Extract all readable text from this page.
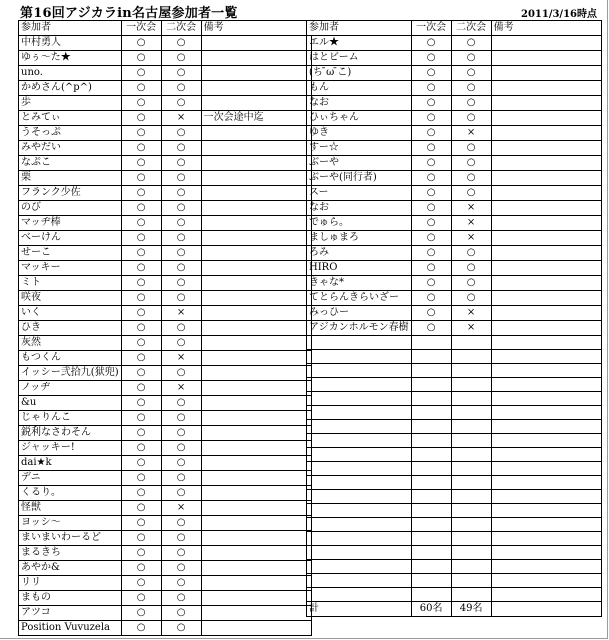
第16回アジカラin名古屋参加者一覧	2011/3/16時点
参加者	一次会	二次会	備考
中村勇人	○	○	
ゆぅ〜た★	○	○	
uno.	○	○	
かめさん(^p^)	○	○	
歩	○	○	
とみてぃ	○	×	一次会途中迄
うそっぷ	○	○	
みやだい	○	○	
なぷこ	○	○	
栗	○	○	
フランク少佐	○	○	
のび	○	○	
マッヂ棒	○	○	
べーけん	○	○	
せーこ	○	○	
マッキー	○	○	
ミト	○	○	
咲夜	○	○	
いく	○	×	
ひき	○	○	
灰然	○	○	
もつくん	○	×	
イッシー弐拾九(狱兜)	○	○	
ノッヂ	○	×	
&u	○	○	
じゃりんこ	○	○	
鋭利なさわそん	○	○	
ジャッキー!	○	○	
dai★k	○	○	
デニ	○	○	
くるり。	○	○	
怪獣	○	×	
ヨッシ〜	○	○	
まいまいわーるど	○	○	
まるきち	○	○	
あやか&	○	○	
リリ	○	○	
まもの	○	○	
アツコ	○	○	
Position Vuvuzela	○	○	
参加者	一次会	二次会	備考
エル★	○	○	
はとビーム	○	○	
(ち ̄ω ̄こ)	○	○	
もん	○	○	
なお	○	○	
ひぃちゃん	○	○	
ゆき	○	×	
すー☆	○	○	
ぶーや	○	○	
ぶーや(同行者)	○	○	
スー	○	○	
なお	○	×	
でゅら。	○	×	
ましゅまろ	○	×	
ろみ	○	○	
HIRO	○	○	
きゃな*	○	○	
てとらんきらいざー	○	○	
みっひー	○	×	
アジカンホルモン春樹	○	×	

計	60名	49名	
